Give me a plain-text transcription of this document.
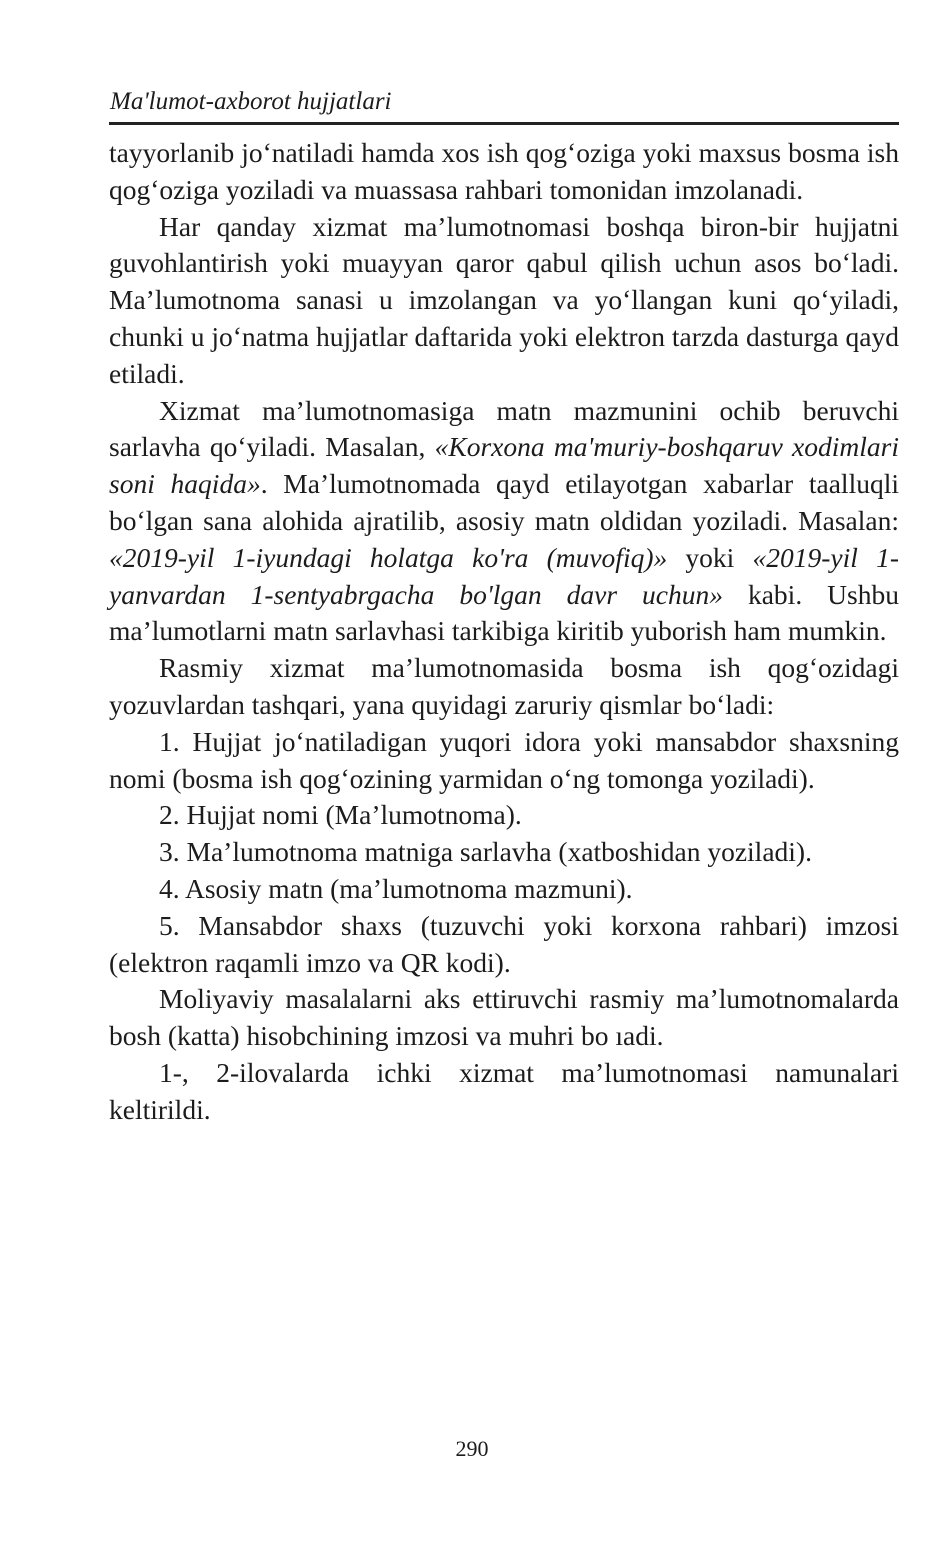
Ma'lumot-axborot hujjatlari

tayyorlanib jo‘natiladi hamda xos ish qog‘oziga yoki maxsus bosma ish qog‘oziga yoziladi va muassasa rahbari tomonidan imzolanadi.

Har qanday xizmat ma’lumotnomasi boshqa biron-bir hujjatni guvohlantirish yoki muayyan qaror qabul qilish uchun asos bo‘ladi. Ma’lumotnoma sanasi u imzolangan va yo‘llangan kuni qo‘yiladi, chunki u jo‘natma hujjatlar daftarida yoki elektron tarzda dasturga qayd etiladi.

Xizmat ma’lumotnomasiga matn mazmunini ochib beruvchi sarlavha qo‘yiladi. Masalan, «Korxona ma'muriy-boshqaruv xodimlari soni haqida». Ma’lumotnomada qayd etilayotgan xabarlar taalluqli bo‘lgan sana alohida ajratilib, asosiy matn oldidan yoziladi. Masalan: «2019-yil 1-iyundagi holatga ko'ra (muvofiq)» yoki «2019-yil 1-yanvardan 1-sentyabrgacha bo'lgan davr uchun» kabi. Ushbu ma’lumotlarni matn sarlavhasi tarkibiga kiritib yuborish ham mumkin.

Rasmiy xizmat ma’lumotnomasida bosma ish qog‘ozidagi yozuvlardan tashqari, yana quyidagi zaruriy qismlar bo‘ladi:

1. Hujjat jo‘natiladigan yuqori idora yoki mansabdor shaxsning nomi (bosma ish qog‘ozining yarmidan o‘ng tomonga yoziladi).

2. Hujjat nomi (Ma’lumotnoma).

3. Ma’lumotnoma matniga sarlavha (xatboshidan yoziladi).

4. Asosiy matn (ma’lumotnoma mazmuni).

5. Mansabdor shaxs (tuzuvchi yoki korxona rahbari) imzosi (elektron raqamli imzo va QR kodi).

Moliyaviy masalalarni aks ettiruvchi rasmiy ma’lumotnomalarda bosh (katta) hisobchining imzosi va muhri bo ıadi.

1-, 2-ilovalarda ichki xizmat ma’lumotnomasi namunalari keltirildi.

290
